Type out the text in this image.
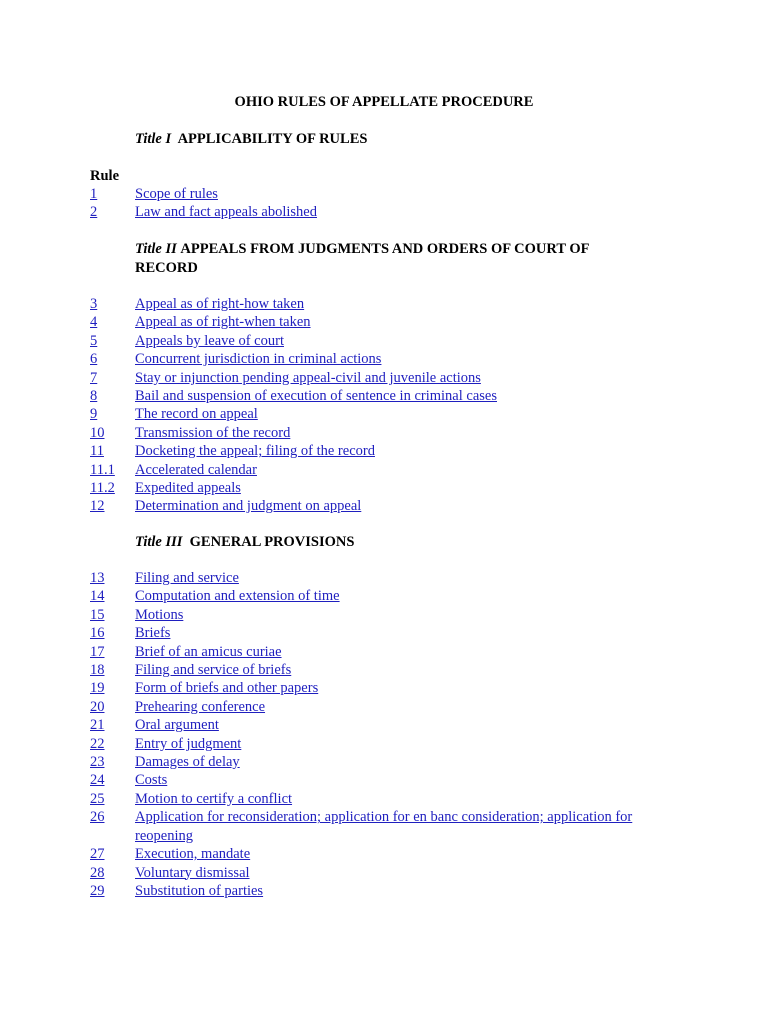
OHIO RULES OF APPELLATE PROCEDURE

Title I APPLICABILITY OF RULES

Rule
1	Scope of rules
2	Law and fact appeals abolished

Title II APPEALS FROM JUDGMENTS AND ORDERS OF COURT OF RECORD

3	Appeal as of right-how taken
4	Appeal as of right-when taken
5	Appeals by leave of court
6	Concurrent jurisdiction in criminal actions
7	Stay or injunction pending appeal-civil and juvenile actions
8	Bail and suspension of execution of sentence in criminal cases
9	The record on appeal
10	Transmission of the record
11	Docketing the appeal; filing of the record
11.1	Accelerated calendar
11.2	Expedited appeals
12	Determination and judgment on appeal

Title III GENERAL PROVISIONS

13	Filing and service
14	Computation and extension of time
15	Motions
16	Briefs
17	Brief of an amicus curiae
18	Filing and service of briefs
19	Form of briefs and other papers
20	Prehearing conference
21	Oral argument
22	Entry of judgment
23	Damages of delay
24	Costs
25	Motion to certify a conflict
26	Application for reconsideration; application for en banc consideration; application for reopening
27	Execution, mandate
28	Voluntary dismissal
29	Substitution of parties
